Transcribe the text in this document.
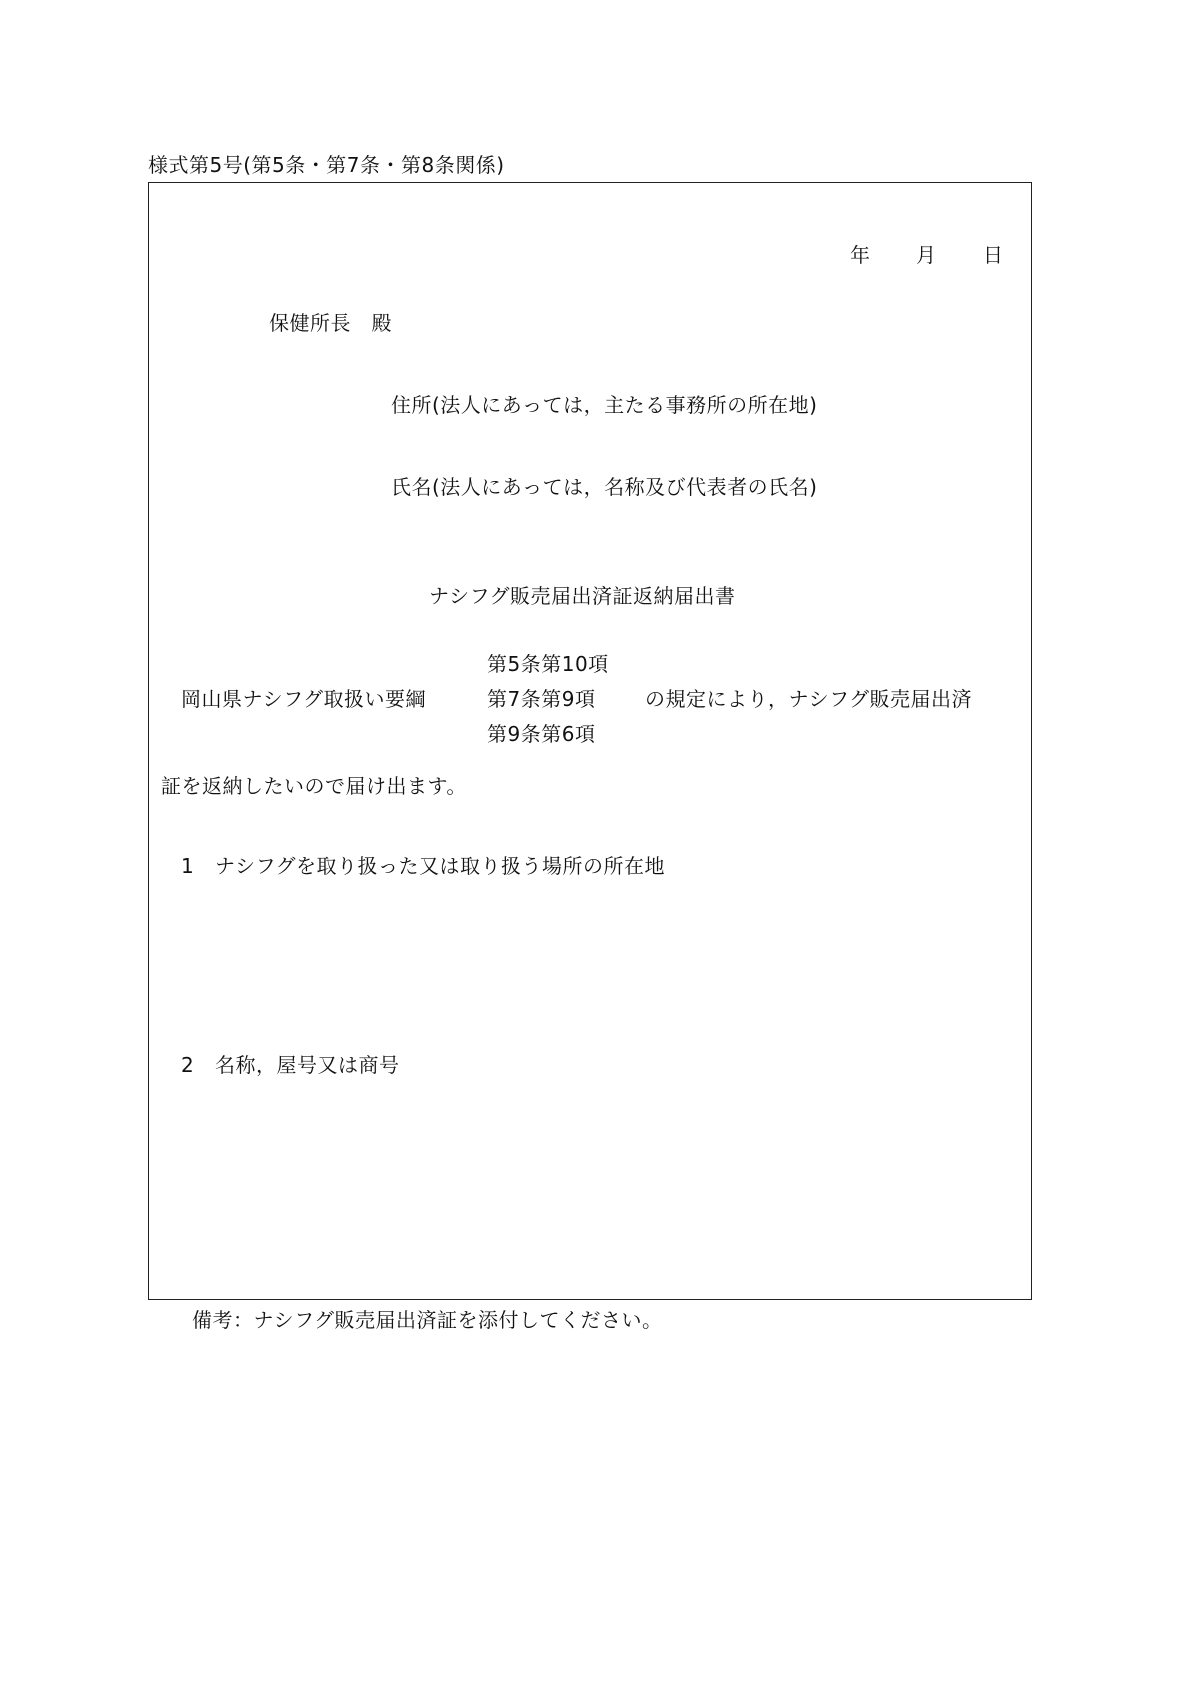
様式第5号(第5条・第7条・第8条関係)
年 月 日
保健所長　殿
住所(法人にあっては，主たる事務所の所在地)
氏名(法人にあっては，名称及び代表者の氏名)
ナシフグ販売届出済証返納届出書
第5条第10項
岡山県ナシフグ取扱い要綱	第7条第9項 の規定により，ナシフグ販売届出済
第9条第6項
証を返納したいので届け出ます。
1 ナシフグを取り扱った又は取り扱う場所の所在地
2 名称，屋号又は商号
備考：ナシフグ販売届出済証を添付してください。
